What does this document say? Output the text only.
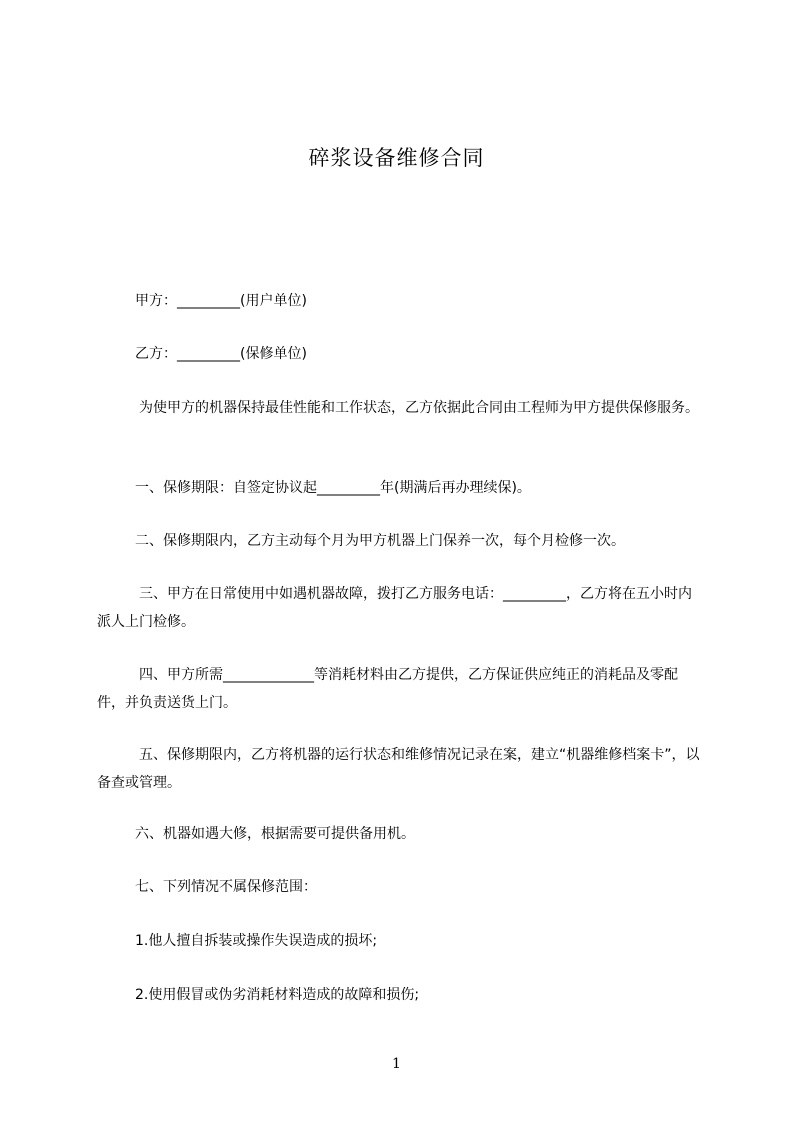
碎浆设备维修合同
甲方：_________(用户单位)
乙方：_________(保修单位)
为使甲方的机器保持最佳性能和工作状态，乙方依据此合同由工程师为甲方提供保修服务。
一、保修期限：自签定协议起_________年(期满后再办理续保)。
二、保修期限内，乙方主动每个月为甲方机器上门保养一次，每个月检修一次。
三、甲方在日常使用中如遇机器故障，拨打乙方服务电话：_________，乙方将在五小时内派人上门检修。
四、甲方所需_____________等消耗材料由乙方提供，乙方保证供应纯正的消耗品及零配件，并负责送货上门。
五、保修期限内，乙方将机器的运行状态和维修情况记录在案，建立“机器维修档案卡”，以备查或管理。
六、机器如遇大修，根据需要可提供备用机。
七、下列情况不属保修范围：
1.他人擅自拆装或操作失误造成的损坏;
2.使用假冒或伪劣消耗材料造成的故障和损伤;
1
